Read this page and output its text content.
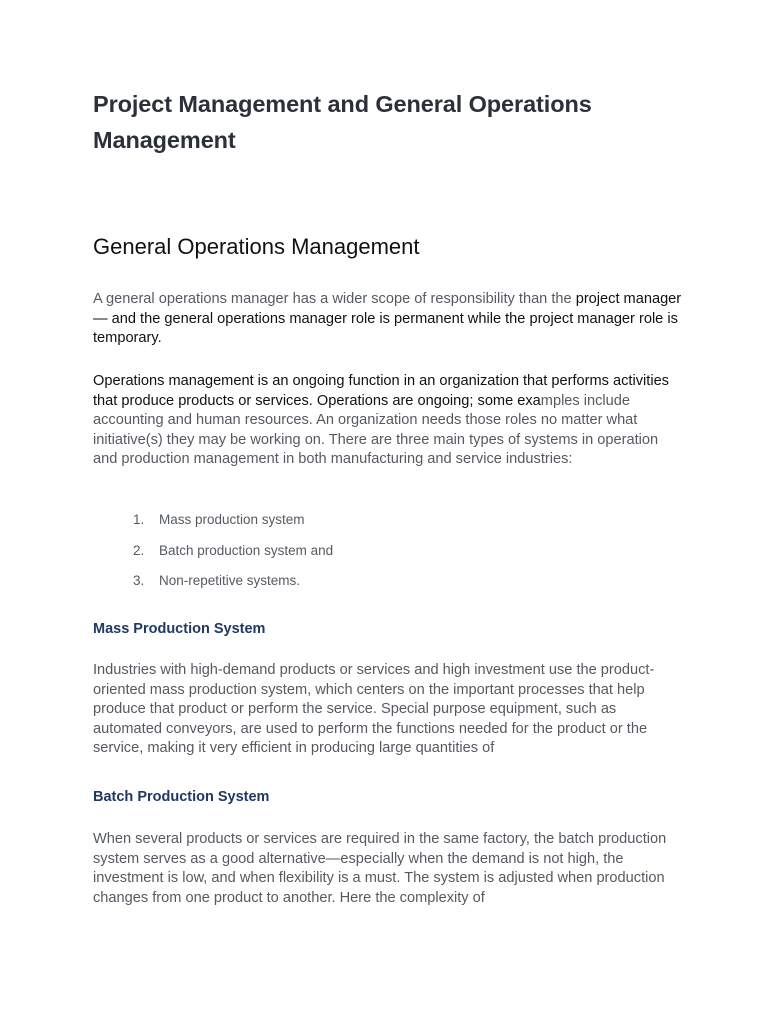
Project Management and General Operations Management
General Operations Management

A general operations manager has a wider scope of responsibility than the project manager — and the general operations manager role is permanent while the project manager role is temporary.

Operations management is an ongoing function in an organization that performs activities that produce products or services. Operations are ongoing; some examples include accounting and human resources. An organization needs those roles no matter what initiative(s) they may be working on. There are three main types of systems in operation and production management in both manufacturing and service industries:

1.	Mass production system
2.	Batch production system and
3.	Non-repetitive systems.
Mass Production System

Industries with high-demand products or services and high investment use the product-oriented mass production system, which centers on the important processes that help produce that product or perform the service. Special purpose equipment, such as automated conveyors, are used to perform the functions needed for the product or the service, making it very efficient in producing large quantities of

Batch Production System

When several products or services are required in the same factory, the batch production system serves as a good alternative—especially when the demand is not high, the investment is low, and when flexibility is a must. The system is adjusted when production changes from one product to another. Here the complexity of
